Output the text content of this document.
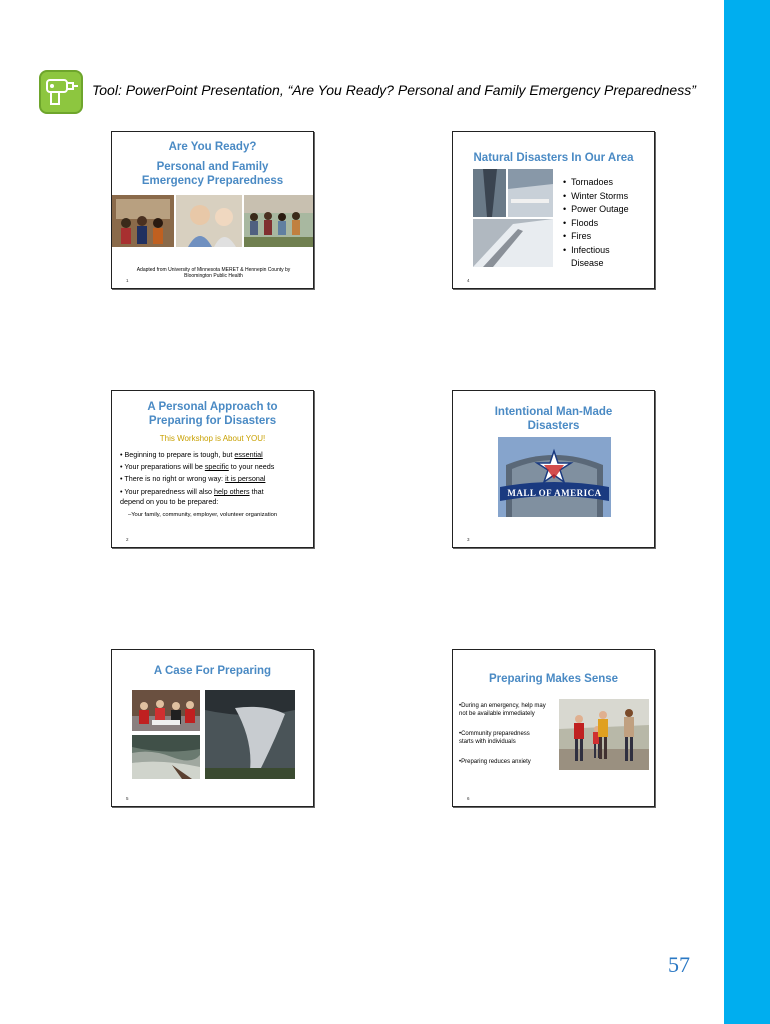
Tool: PowerPoint Presentation, “Are You Ready? Personal and Family Emergency Preparedness”
Are You Ready?
Personal and Family
Emergency Preparedness
Adapted from University of Minnesota MERET & Hennepin County by
Bloomington Public Health
1
Natural Disasters In Our Area
•  Tornadoes
•  Winter Storms
•  Power Outage
•  Floods
•  Fires
•  Infectious
Disease
4
A Personal Approach to
Preparing for Disasters
This Workshop is About YOU!
• Beginning to prepare is tough, but essential
• Your preparations will be specific to your needs
• There is no right or wrong way: it is personal
• Your preparedness will also help others that
depend on you to be prepared:
–Your family, community, employer, volunteer organization
2
Intentional Man-Made
Disasters
MALL OF AMERICA
3
A Case For Preparing
5
Preparing Makes Sense
•During an emergency, help may
not be available immediately
•Community preparedness
starts with individuals
•Preparing reduces anxiety
6
57
